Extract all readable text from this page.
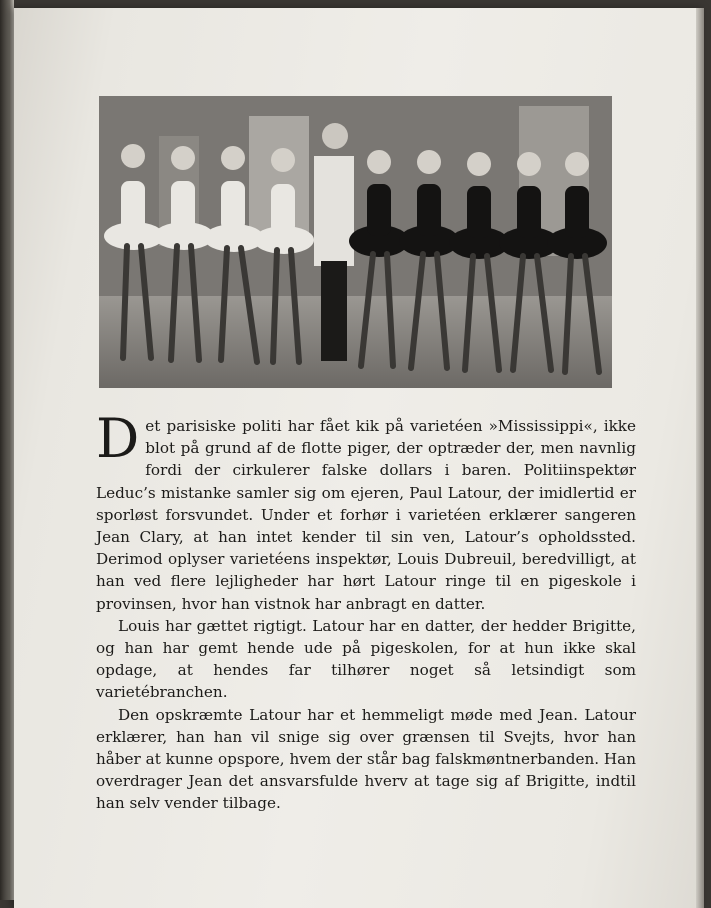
Det parisiske politi har fået kik på varietéen »Mississippi«, ikke blot på grund af de flotte piger, der optræder der, men navnlig fordi der cirkulerer falske dollars i baren. Politiinspektør Leduc’s mistanke samler sig om ejeren, Paul Latour, der imidlertid er sporløst forsvundet. Under et forhør i varietéen erklærer sangeren Jean Clary, at han intet kender til sin ven, Latour’s opholdssted. Derimod oplyser varietéens inspektør, Louis Dubreuil, beredvilligt, at han ved flere lejligheder har hørt Latour ringe til en pigeskole i provinsen, hvor han vistnok har anbragt en datter.

Louis har gættet rigtigt. Latour har en datter, der hedder Brigitte, og han har gemt hende ude på pigeskolen, for at hun ikke skal opdage, at hendes far tilhører noget så letsindigt som varietébranchen.

Den opskræmte Latour har et hemmeligt møde med Jean. Latour erklærer, han han vil snige sig over grænsen til Svejts, hvor han håber at kunne opspore, hvem der står bag falskmøntnerbanden. Han overdrager Jean det ansvarsfulde hverv at tage sig af Brigitte, indtil han selv vender tilbage.
